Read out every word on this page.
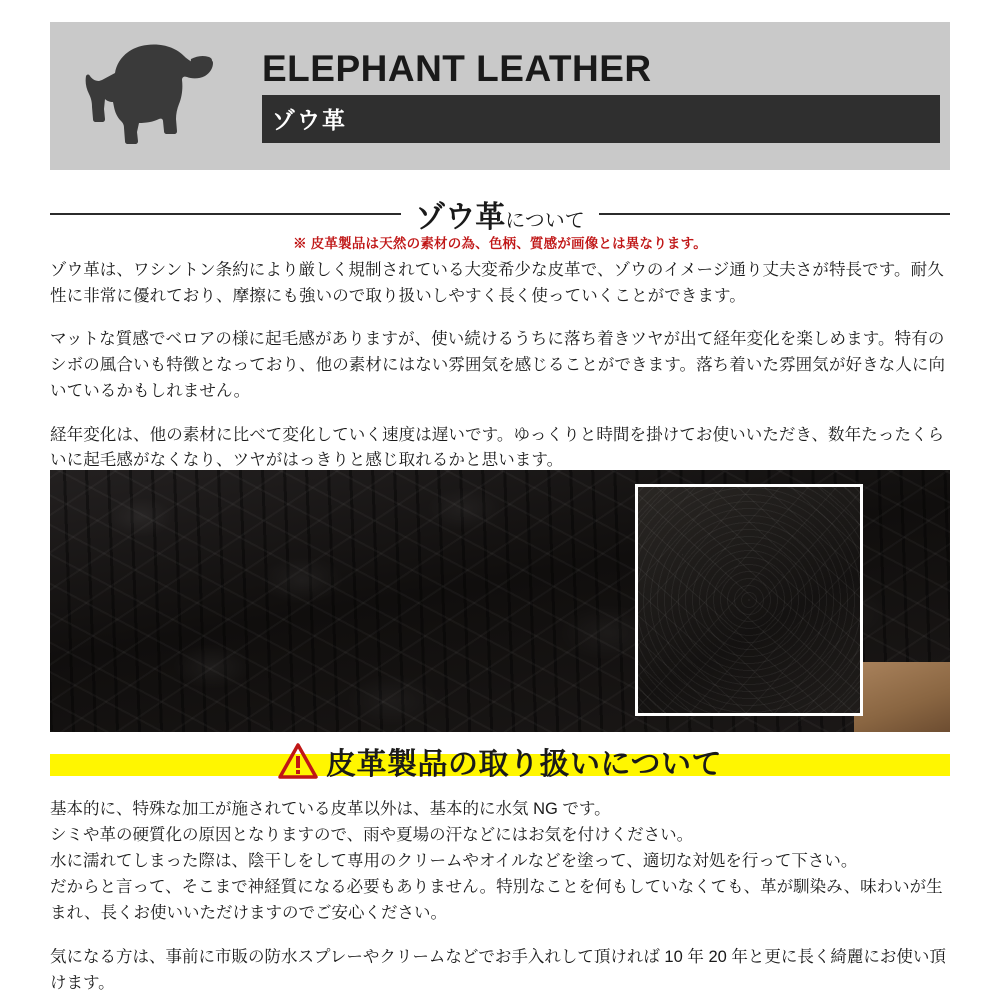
ELEPHANT LEATHER
ゾウ革
ゾウ革について
※ 皮革製品は天然の素材の為、色柄、質感が画像とは異なります。

ゾウ革は、ワシントン条約により厳しく規制されている大変希少な皮革で、ゾウのイメージ通り丈夫さが特長です。耐久性に非常に優れており、摩擦にも強いので取り扱いしやすく長く使っていくことができます。

マットな質感でベロアの様に起毛感がありますが、使い続けるうちに落ち着きツヤが出て経年変化を楽しめます。特有のシボの風合いも特徴となっており、他の素材にはない雰囲気を感じることができます。落ち着いた雰囲気が好きな人に向いているかもしれません。

経年変化は、他の素材に比べて変化していく速度は遅いです。ゆっくりと時間を掛けてお使いいただき、数年たったくらいに起毛感がなくなり、ツヤがはっきりと感じ取れるかと思います。

皮革製品の取り扱いについて

基本的に、特殊な加工が施されている皮革以外は、基本的に水気 NG です。

シミや革の硬質化の原因となりますので、雨や夏場の汗などにはお気を付けください。

水に濡れてしまった際は、陰干しをして専用のクリームやオイルなどを塗って、適切な対処を行って下さい。

だからと言って、そこまで神経質になる必要もありません。特別なことを何もしていなくても、革が馴染み、味わいが生まれ、長くお使いいただけますのでご安心ください。

気になる方は、事前に市販の防水スプレーやクリームなどでお手入れして頂ければ 10 年 20 年と更に長く綺麗にお使い頂けます。
